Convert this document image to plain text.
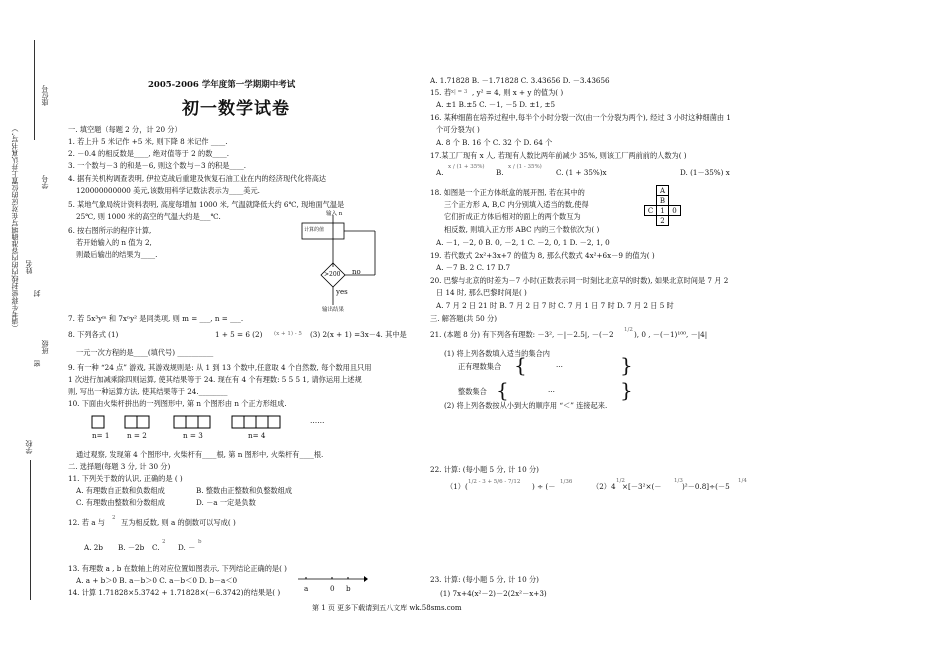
座位号
（请考生将密封线内的内容准确填写在对应的位置上并认真书写，）	学号
姓名
封
班级
密
学校
2005-2006 学年度第一学期期中考试
初一数学试卷
一. 填空题（每题 2 分，计 20 分）
1. 若上升 5 米记作 +5 米, 则下降 8 米记作 ____.
2. －0.4 的相反数是____, 绝对值等于 2 的数____.
3. 一个数与－3 的和是－6, 则这个数与－3 的积是____.
4. 据有关机构调查表明, 伊拉克战后重建及恢复石油工业在内的经济现代化将高达
120000000000 美元,该数用科学记数法表示为____美元.
5. 某地气象局统计资料表明, 高度每增加 1000 米, 气温就降低大约 6℃, 现地面气温是
25℃, 则 1000 米的高空的气温大约是___℃.
6. 按右图所示的程序计算,
若开始输入的 n 值为 2,
则最后输出的结果为____.
输入 n
计算的值
>200 no
yes
输出结果
7. 若 5x³yᵐ 和 7xⁿy² 是同类项, 则 m = ___, n = ___.
8. 下列各式 (1)	1 + 5 = 6 (2) (x + 1) - 5 (3) 2(x + 1) =3x－4. 其中是
一元一次方程的是____(填代号) __________
9. 有一种 “24 点” 游戏, 其游戏规则是: 从 1 到 13 个数中,任意取 4 个自然数, 每个数用且只用
1 次进行加减乘除四则运算, 使其结果等于 24. 现在有 4 个有理数: 5 5 5 1, 请你运用上述规
则, 写出一种运算方法, 使其结果等于 24.________
10. 下面由火柴杆拼出的一列图形中, 第 n 个图形由 n 个正方形组成.
n= 1 n = 2	n = 3	n= 4
……
通过观察, 发现第 4 个图形中, 火柴杆有____根, 第 n 图形中, 火柴杆有____根.
二. 选择题(每题 3 分, 计 30 分)
11. 下列关于数的认识, 正确的是 ( )
A. 有理数自正数和负数组成	B. 整数由正整数和负整数组成
C. 有理数由整数和分数组成	D. －a 一定是负数
12. 若 a 与 2 互为相反数, 则 a 的倒数可以写成( )
A. 2b B. －2b C.
2
D. －
b
13. 有理数 a , b 在数轴上的对应位置如图表示, 下列结论正确的是( )
A. a + b＞0 B. a－b＞0 C. a－b＜0 D. b－a＜0
a	0 b
14. 计算 1.71828×5.3742 + 1.71828×(－6.3742)的结果是( )
A. 1.71828 B. －1.71828 C. 3.43656 D. －3.43656
15. 若
|x| = 3 , y² = 4, 则 x + y 的值为( )
A. ±1 B.±5 C. －1, －5 D. ±1, ±5
16. 某种细菌在培养过程中,每半个小时分裂一次(由一个分裂为两个), 经过 3 小时这种细菌由 1
个可分裂为( )
A. 8 个 B. 16 个 C. 32 个 D. 64 个
17.某工厂现有 x 人, 若现有人数比两年前减少 35%, 则该工厂两前前的人数为( )
A.
x / (1 + 35%)
B.
x / (1 - 35%)
C. (1 + 35%)x	D. (1－35%) x
18. 如图是一个正方体纸盒的展开图, 若在其中的
三个正方形 A, B,C 内分别填入适当的数,使得
它们折成正方体后相对的面上的两个数互为
相反数, 则填入正方形 ABC 内的三个数依次为( )
	A		
	B		
C	1	0	
	2		
A. －1, －2, 0 B. 0, －2, 1 C. －2, 0, 1 D. －2, 1, 0
19. 若代数式 2x²+3x+7 的值为 8, 那么代数式 4x²+6x－9 的值为( )
A. －7 B. 2 C. 17 D.7
20. 巴黎与北京的时差为－7 小时(正数表示同一时刻比北京早的时数), 如果北京时间是 7 月 2
日 14 时, 那么巴黎时间是( )
A. 7 月 2 日 21 时 B. 7 月 2 日 7 时 C. 7 月 1 日 7 时 D. 7 月 2 日 5 时
三. 解答题(共 50 分)
21. (本题 8 分) 有下列各有理数: －3², －|－2.5|, －(－2 1/2 ), 0 , －(－1)¹⁰⁰, －|4|
(1) 将上列各数填入适当的集合内
正有理数集合 {	···	}
整数集合 {	···	}
(2) 将上列各数按从小到大的顺序用 “＜” 连接起来.
22. 计算: (每小题 5 分, 计 10 分)
（1）( 1/2 - 3 + 5/6 - 7/12 ) ÷ (－ 1/36	（2）4
1/2
×[－3²×(－
1/3
)²－0.8]÷(－5
1/4
23. 计算: (每小题 5 分, 计 10 分)
(1) 7x+4(x²－2)－2(2x²－x+3)
第 1 页 更多下载请到五八文库 wk.58sms.com
